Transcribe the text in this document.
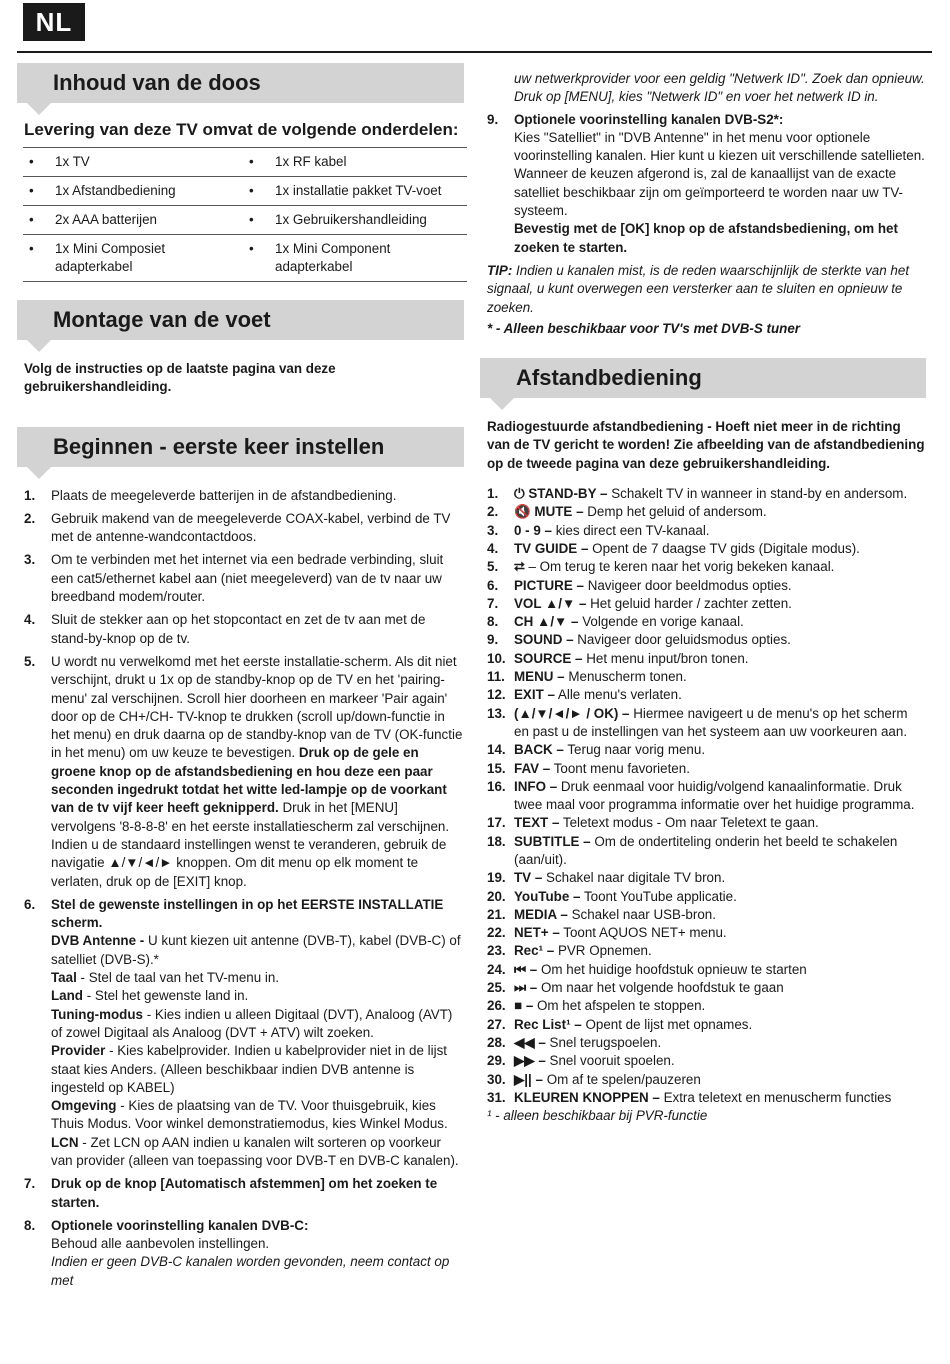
NL
Inhoud van de doos
Levering van deze TV omvat de volgende onderdelen:
• 1x TV	• 1x RF kabel

• 1x Afstandbediening	• 1x installatie pakket TV-voet

• 2x AAA batterijen	• 1x Gebruikershandleiding

• 1x Mini Composiet adapterkabel	• 1x Mini Component adapterkabel
Montage van de voet
Volg de instructies op de laatste pagina van deze gebruikershandleiding.
Beginnen - eerste keer instellen
1.	Plaats de meegeleverde batterijen in de afstandbediening.
2.	Gebruik makend van de meegeleverde COAX-kabel, verbind de TV met de antenne-wandcontactdoos.
3.	Om te verbinden met het internet via een bedrade verbinding, sluit een cat5/ethernet kabel aan (niet meegeleverd) van de tv naar uw breedband modem/router.
4.	Sluit de stekker aan op het stopcontact en zet de tv aan met de stand-by-knop op de tv.
5.	U wordt nu verwelkomd met het eerste installatie-scherm. Als dit niet verschijnt, drukt u 1x op de standby-knop op de TV en het 'pairing-menu' zal verschijnen. Scroll hier doorheen en markeer 'Pair again' door op de CH+/CH- TV-knop te drukken (scroll up/down-functie in het menu) en druk daarna op de standby-knop van de TV (OK-functie in het menu) om uw keuze te bevestigen. Druk op de gele en groene knop op de afstandsbediening en hou deze een paar seconden ingedrukt totdat het witte led-lampje op de voorkant van de tv vijf keer heeft geknipperd. Druk in het [MENU] vervolgens '8-8-8-8' en het eerste installatiescherm zal verschijnen.
Indien u de standaard instellingen wenst te veranderen, gebruik de navigatie ▲/▼/◄/► knoppen. Om dit menu op elk moment te verlaten, druk op de [EXIT] knop.
6.	Stel de gewenste instellingen in op het EERSTE INSTALLATIE scherm.
DVB Antenne - U kunt kiezen uit antenne (DVB-T), kabel (DVB-C) of satelliet (DVB-S).*
Taal - Stel de taal van het TV-menu in.
Land - Stel het gewenste land in.
Tuning-modus - Kies indien u alleen Digitaal (DVT), Analoog (AVT) of zowel Digitaal als Analoog (DVT + ATV) wilt zoeken.
Provider - Kies kabelprovider. Indien u kabelprovider niet in de lijst staat kies Anders. (Alleen beschikbaar indien DVB antenne is ingesteld op KABEL)
Omgeving - Kies de plaatsing van de TV. Voor thuisgebruik, kies Thuis Modus. Voor winkel demonstratiemodus, kies Winkel Modus.
LCN - Zet LCN op AAN indien u kanalen wilt sorteren op voorkeur van provider (alleen van toepassing voor DVB-T en DVB-C kanalen).
7.	Druk op de knop [Automatisch afstemmen] om het zoeken te starten.
8.	Optionele voorinstelling kanalen DVB-C:
Behoud alle aanbevolen instellingen.
Indien er geen DVB-C kanalen worden gevonden, neem contact op met
uw netwerkprovider voor een geldig "Netwerk ID". Zoek dan opnieuw. Druk op [MENU], kies "Netwerk ID" en voer het netwerk ID in.
9.	Optionele voorinstelling kanalen DVB-S2*:
Kies "Satelliet" in "DVB Antenne" in het menu voor optionele voorinstelling kanalen. Hier kunt u kiezen uit verschillende satellieten. Wanneer de keuzen afgerond is, zal de kanaallijst van de exacte satelliet beschikbaar zijn om geïmporteerd te worden naar uw TV-systeem.
Bevestig met de [OK] knop op de afstandsbediening, om het zoeken te starten.
TIP: Indien u kanalen mist, is de reden waarschijnlijk de sterkte van het signaal, u kunt overwegen een versterker aan te sluiten en opnieuw te zoeken.
* - Alleen beschikbaar voor TV's met DVB-S tuner
Afstandbediening
Radiogestuurde afstandbediening - Hoeft niet meer in de richting van de TV gericht te worden! Zie afbeelding van de afstandbediening op de tweede pagina van deze gebruikershandleiding.
1.	⏻ STAND-BY – Schakelt TV in wanneer in stand-by en andersom.
2.	🔇 MUTE – Demp het geluid of andersom.
3.	0 - 9 – kies direct een TV-kanaal.
4.	TV GUIDE – Opent de 7 daagse TV gids (Digitale modus).
5.	⮂ – Om terug te keren naar het vorig bekeken kanaal.
6.	PICTURE – Navigeer door beeldmodus opties.
7.	VOL ▲/▼ – Het geluid harder / zachter zetten.
8.	CH ▲/▼ – Volgende en vorige kanaal.
9.	SOUND – Navigeer door geluidsmodus opties.
10. SOURCE – Het menu input/bron tonen.
11. MENU – Menuscherm tonen.
12. EXIT – Alle menu's verlaten.
13. (▲/▼/◄/► / OK) – Hiermee navigeert u de menu's op het scherm en past u de instellingen van het systeem aan uw voorkeuren aan.
14. BACK – Terug naar vorig menu.
15. FAV – Toont menu favorieten.
16. INFO – Druk eenmaal voor huidig/volgend kanaalinformatie. Druk twee maal voor programma informatie over het huidige programma.
17. TEXT – Teletext modus - Om naar Teletext te gaan.
18. SUBTITLE – Om de ondertiteling onderin het beeld te schakelen (aan/uit).
19. TV – Schakel naar digitale TV bron.
20. YouTube – Toont YouTube applicatie.
21. MEDIA – Schakel naar USB-bron.
22. NET+ – Toont AQUOS NET+ menu.
23. Rec¹ – PVR Opnemen.
24. ⏮ – Om het huidige hoofdstuk opnieuw te starten
25. ⏭ – Om naar het volgende hoofdstuk te gaan
26. ■ – Om het afspelen te stoppen.
27. Rec List¹ – Opent de lijst met opnames.
28. ◀◀ – Snel terugspoelen.
29. ▶▶ – Snel vooruit spoelen.
30. ▶|| – Om af te spelen/pauzeren
31. KLEUREN KNOPPEN – Extra teletext en menuscherm functies
¹ - alleen beschikbaar bij PVR-functie
